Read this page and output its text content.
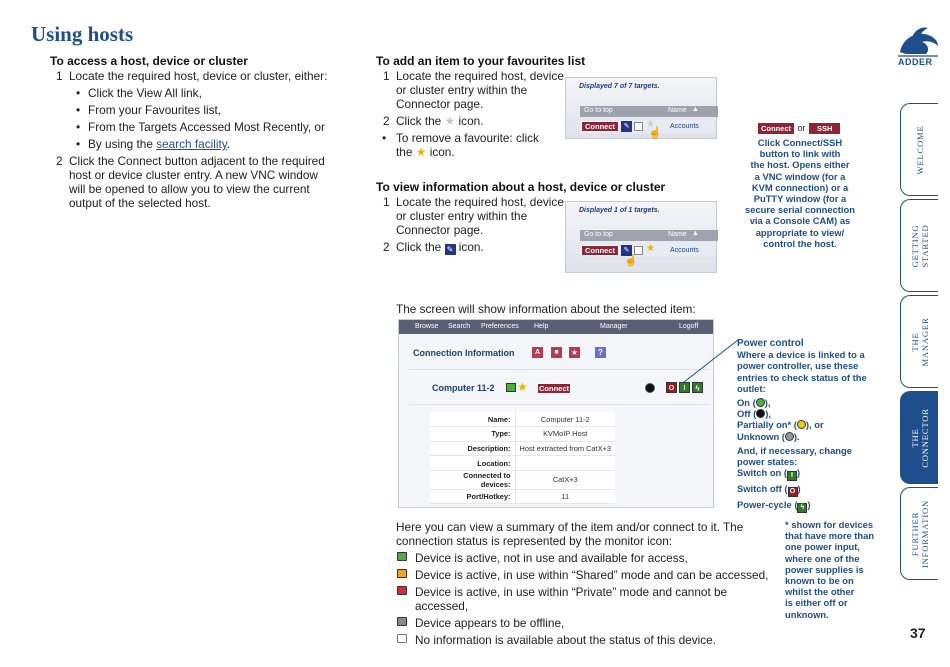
Using hosts
ADDER
To access a host, device or cluster
1 Locate the required host, device or cluster, either:
• Click the View All link,
• From your Favourites list,
• From the Targets Accessed Most Recently, or
• By using the search facility.
2 Click the Connect button adjacent to the required
host or device cluster entry. A new VNC window
will be opened to allow you to view the current
output of the selected host.
To add an item to your favourites list
1 Locate the required host, device
or cluster entry within the
Connector page.
2 Click the ★ icon.
• To remove a favourite: click
the ★ icon.
Displayed 7 of 7 targets.
Go to top	Name ▲
Connect	✎ ★
☝
Accounts
To view information about a host, device or cluster
1 Locate the required host, device
or cluster entry within the
Connector page.
2 Click the ✎ icon.
Displayed 1 of 1 targets.
Go to top	Name ▲
Connect	✎ ★
☝
Accounts
Connect or SSH
Click Connect/SSH
button to link with
the host. Opens either
a VNC window (for a
KVM connection) or a
PuTTY window (for a
secure serial connection
via a Console CAM) as
appropriate to view/
control the host.
The screen will show information about the selected item:
Browse Search Preferences Help	Manager	Logoff
Connection Information	A	■	★	?
Computer 11-2 ★ Connect	O	I	ϟ
Name:	Computer 11-2
Type:	KVMoIP Host
Description:	Host extracted from CatX+3
Location:	
Connected to devices:	CatX+3
Port/Hotkey:	11
Power control
Where a device is linked to a
power controller, use these
entries to check status of the
outlet:
On ( ),
Off ( ),
Partially on* ( ), or
Unknown ( ).
And, if necessary, change
power states:
Switch on ( I )
Switch off ( O )
Power-cycle ( ϟ )
* shown for devices
that have more than
one power input,
where one of the
power supplies is
known to be on
whilst the other
is either off or
unknown.
Here you can view a summary of the item and/or connect to it. The
connection status is represented by the monitor icon:
Device is active, not in use and available for access,
Device is active, in use within “Shared” mode and can be accessed,
Device is active, in use within “Private” mode and cannot be accessed,
Device appears to be offline,
No information is available about the status of this device.
WELCOME
GETTING
STARTED
THE
MANAGER
THE
CONNECTOR
FURTHER
INFORMATION
37
